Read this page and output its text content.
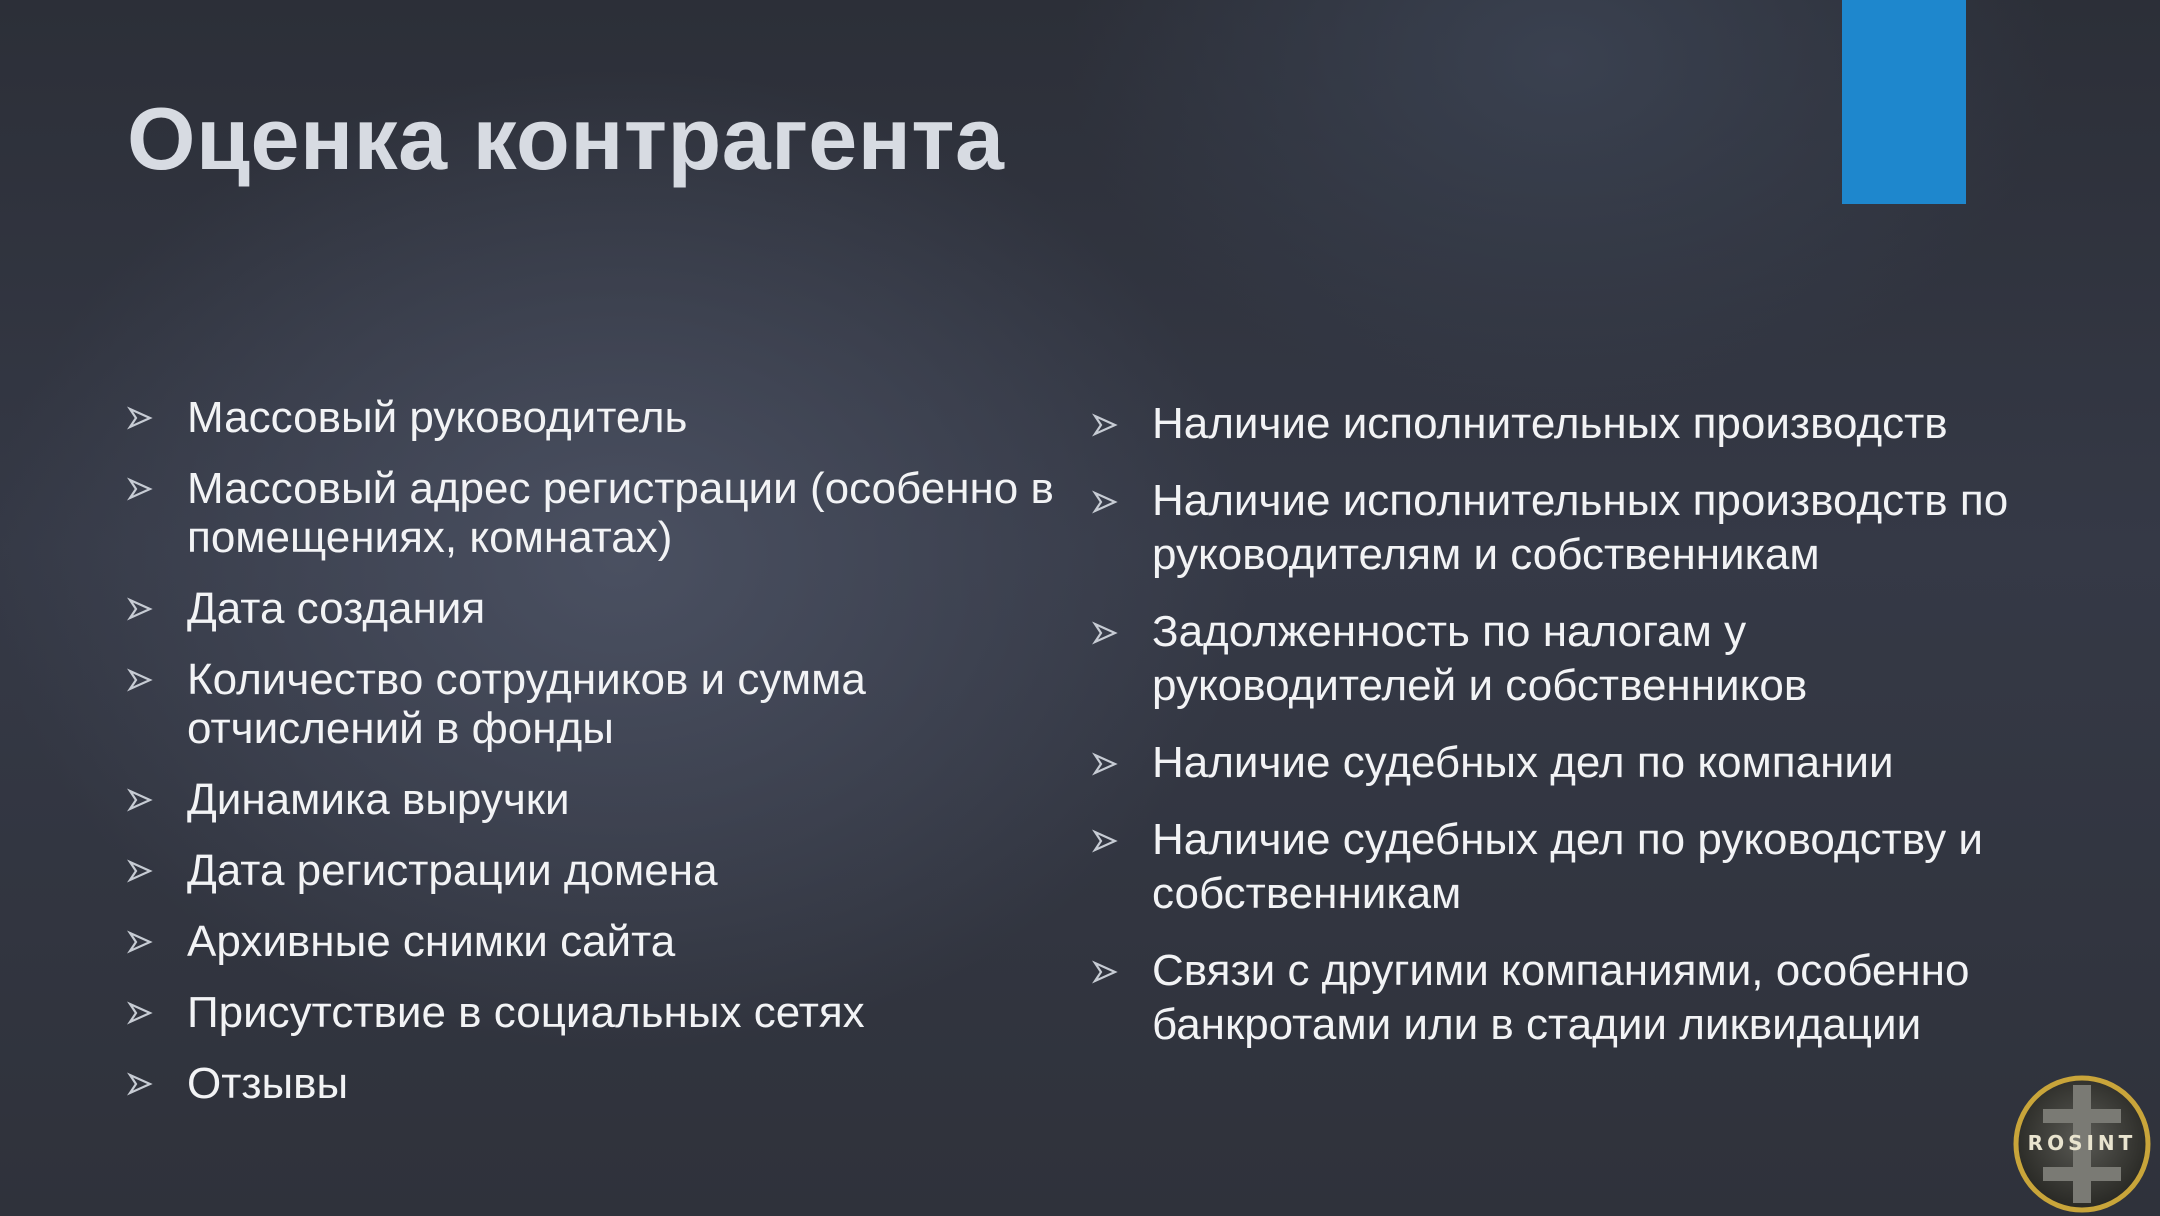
Оценка контрагента
Массовый руководитель
Массовый адрес регистрации (особенно в помещениях, комнатах)
Дата создания
Количество сотрудников и сумма отчислений в фонды
Динамика выручки
Дата регистрации домена
Архивные снимки сайта
Присутствие в социальных сетях
Отзывы
Наличие исполнительных производств
Наличие исполнительных производств по руководителям и собственникам
Задолженность по налогам у руководителей и собственников
Наличие судебных дел по компании
Наличие судебных дел по руководству и собственникам
Связи с другими компаниями, особенно банкротами или в стадии ликвидации
ROSINT
